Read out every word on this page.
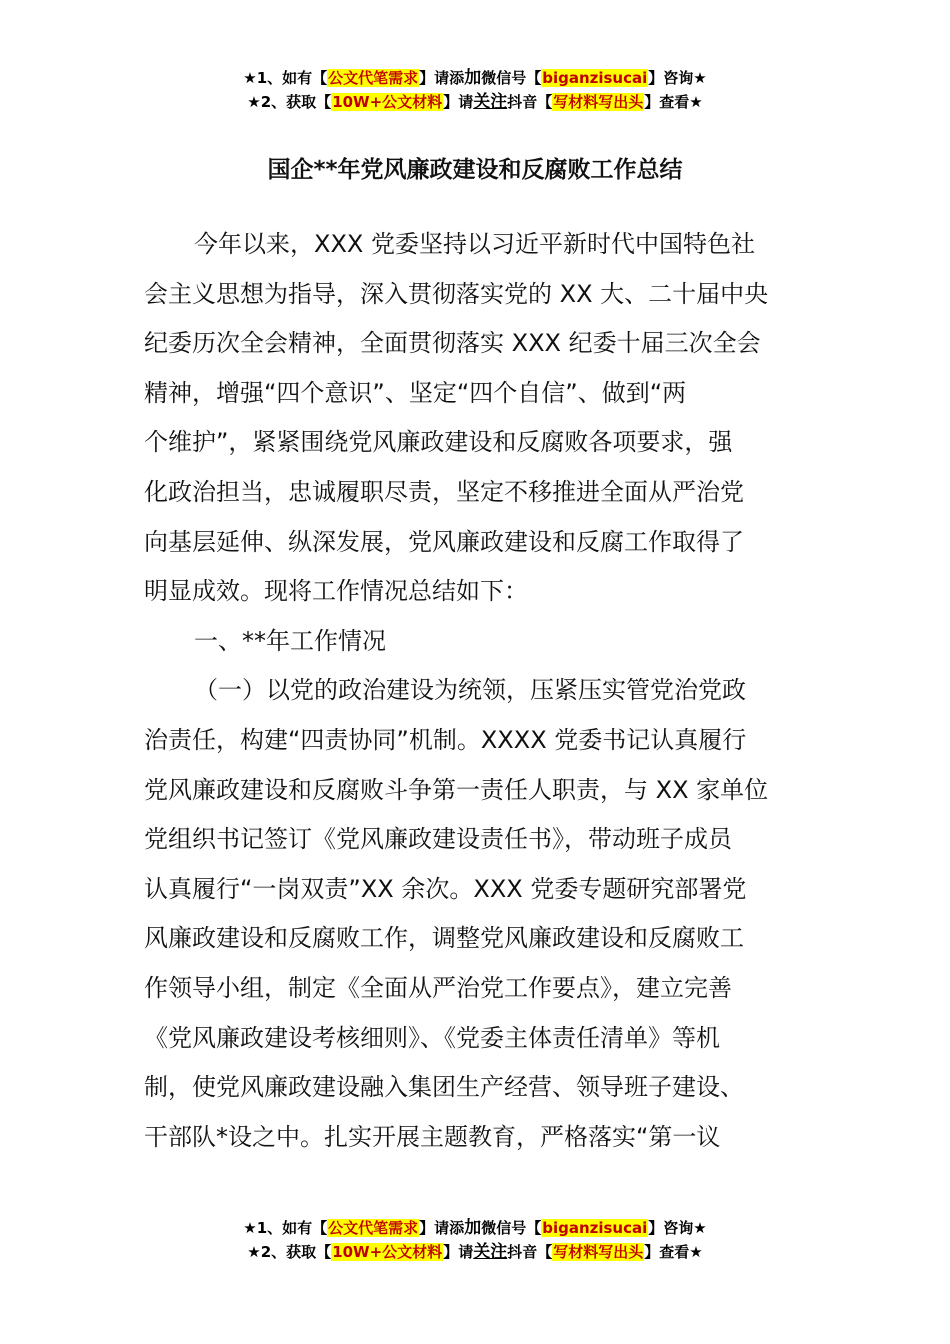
★1、如有【公文代笔需求】请添加微信号【biganzisucai】咨询★
★2、获取【10W+公文材料】请关注抖音【写材料写出头】查看★
国企**年党风廉政建设和反腐败工作总结
今年以来，XXX 党委坚持以习近平新时代中国特色社
会主义思想为指导，深入贯彻落实党的 XX 大、二十届中央
纪委历次全会精神，全面贯彻落实 XXX 纪委十届三次全会
精神，增强“四个意识”、坚定“四个自信”、做到“两
个维护”，紧紧围绕党风廉政建设和反腐败各项要求，强
化政治担当，忠诚履职尽责，坚定不移推进全面从严治党
向基层延伸、纵深发展，党风廉政建设和反腐工作取得了
明显成效。现将工作情况总结如下：
一、**年工作情况
（一）以党的政治建设为统领，压紧压实管党治党政
治责任，构建“四责协同”机制。XXXX 党委书记认真履行
党风廉政建设和反腐败斗争第一责任人职责，与 XX 家单位
党组织书记签订《党风廉政建设责任书》，带动班子成员
认真履行“一岗双责”XX 余次。XXX 党委专题研究部署党
风廉政建设和反腐败工作，调整党风廉政建设和反腐败工
作领导小组，制定《全面从严治党工作要点》，建立完善
《党风廉政建设考核细则》、《党委主体责任清单》等机
制，使党风廉政建设融入集团生产经营、领导班子建设、
干部队*设之中。扎实开展主题教育，严格落实“第一议
★1、如有【公文代笔需求】请添加微信号【biganzisucai】咨询★
★2、获取【10W+公文材料】请关注抖音【写材料写出头】查看★
